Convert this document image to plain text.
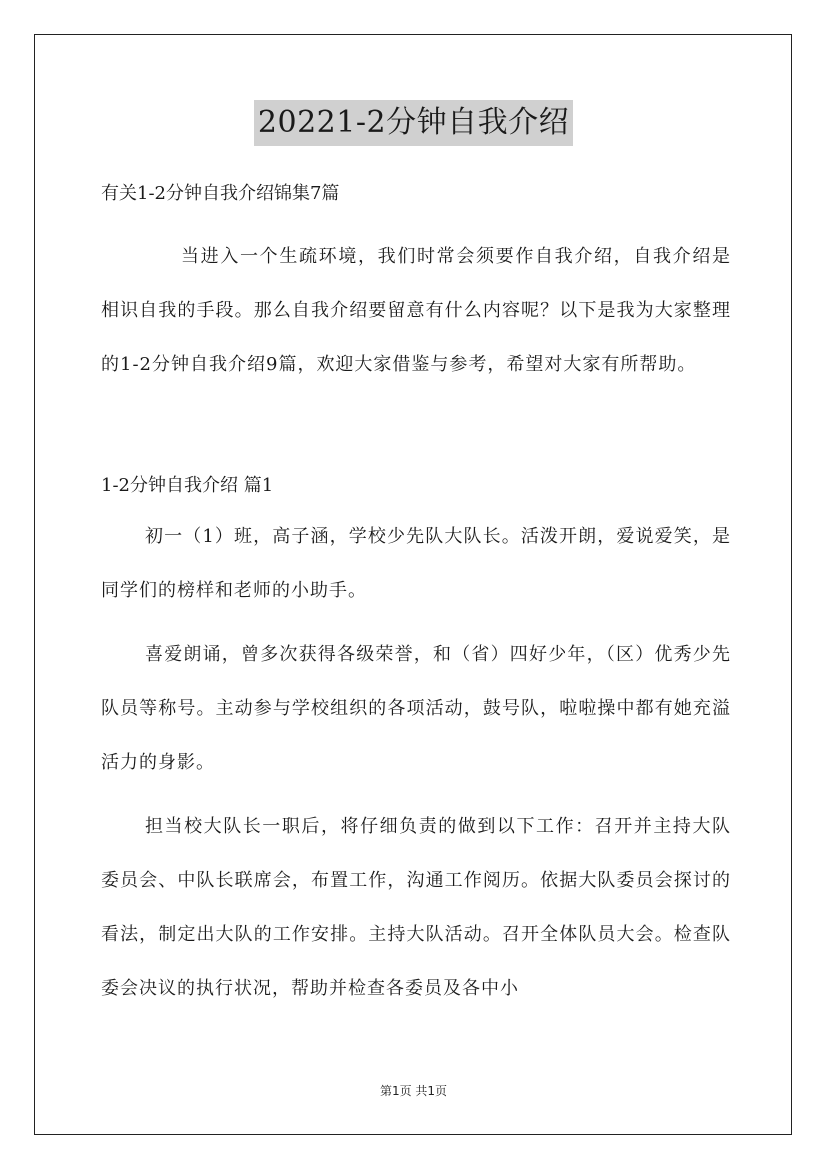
20221-2分钟自我介绍

有关1-2分钟自我介绍锦集7篇

当进入一个生疏环境，我们时常会须要作自我介绍，自我介绍是相识自我的手段。那么自我介绍要留意有什么内容呢？以下是我为大家整理的1-2分钟自我介绍9篇，欢迎大家借鉴与参考，希望对大家有所帮助。

1-2分钟自我介绍 篇1

初一（1）班，高子涵，学校少先队大队长。活泼开朗，爱说爱笑，是同学们的榜样和老师的小助手。

喜爱朗诵，曾多次获得各级荣誉，和（省）四好少年，（区）优秀少先队员等称号。主动参与学校组织的各项活动，鼓号队，啦啦操中都有她充溢活力的身影。

担当校大队长一职后，将仔细负责的做到以下工作：召开并主持大队委员会、中队长联席会，布置工作，沟通工作阅历。依据大队委员会探讨的看法，制定出大队的工作安排。主持大队活动。召开全体队员大会。检查队委会决议的执行状况，帮助并检查各委员及各中小

第1页 共1页
